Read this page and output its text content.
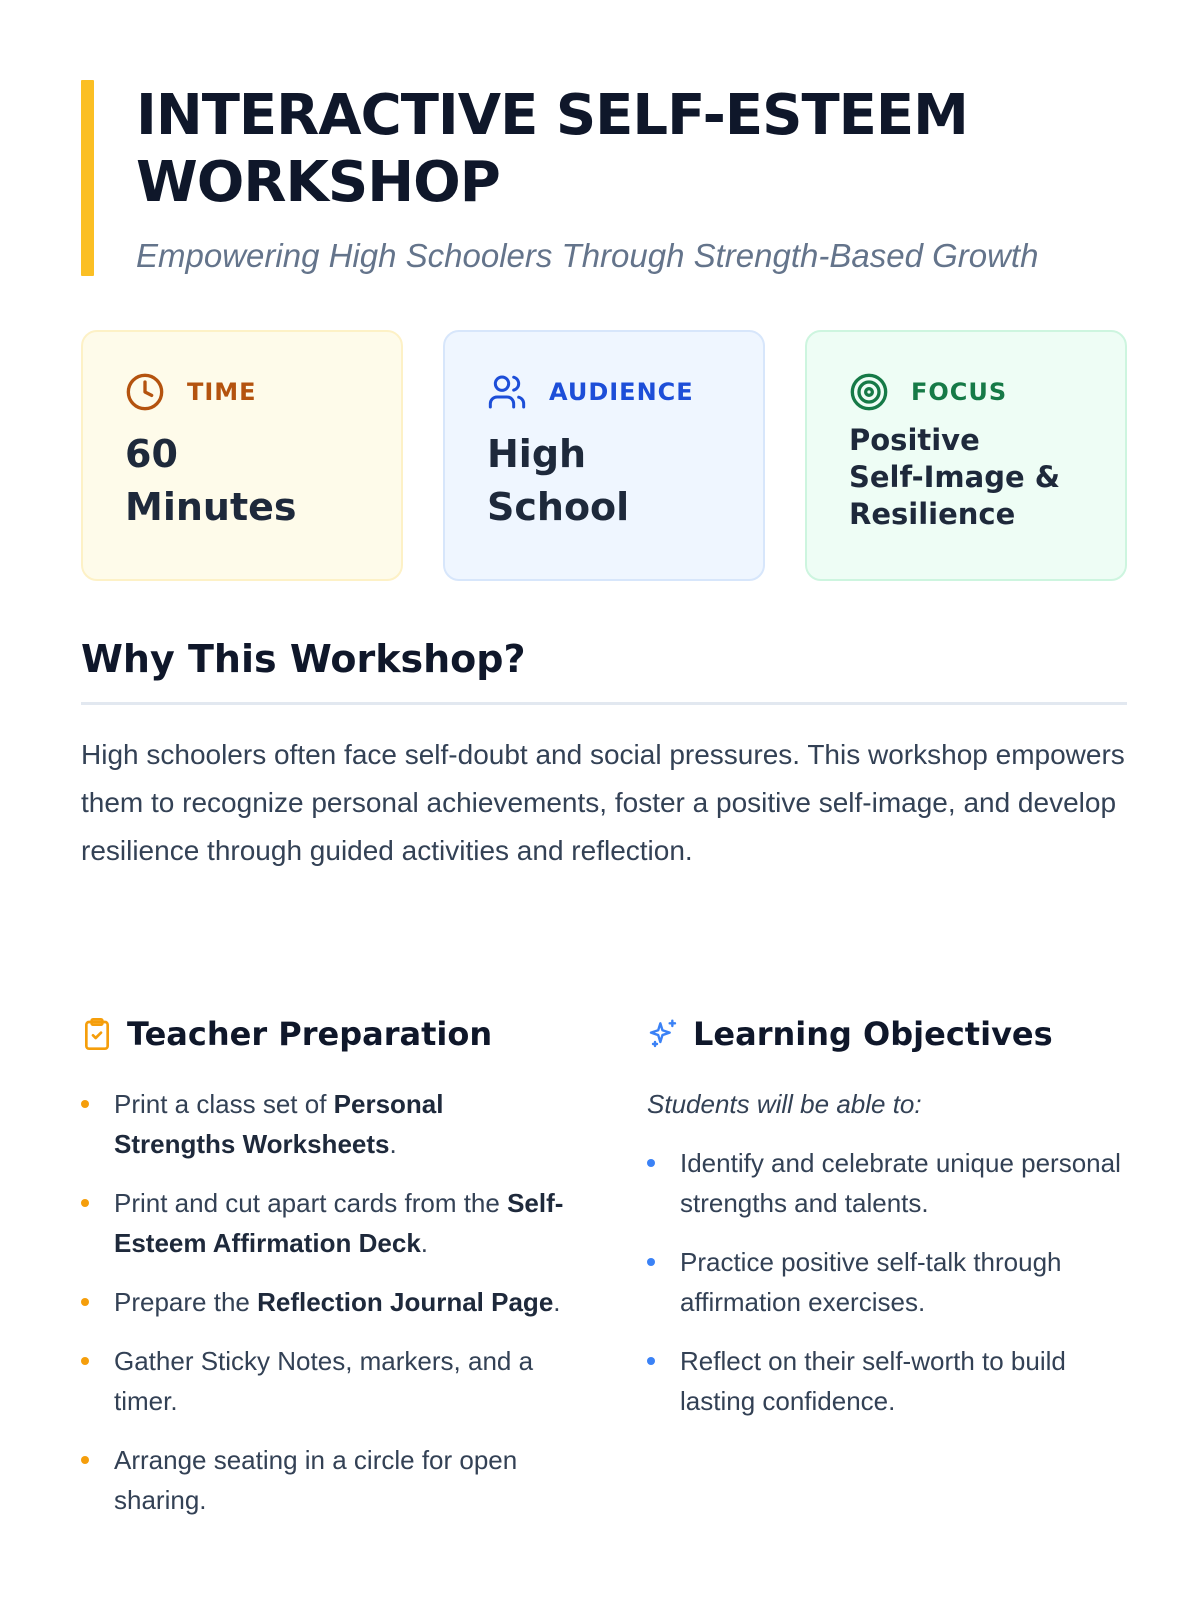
INTERACTIVE SELF-ESTEEM WORKSHOP

Empowering High Schoolers Through Strength-Based Growth

TIME
60 Minutes
AUDIENCE
High School
FOCUS
Positive Self-Image & Resilience
Why This Workshop?

High schoolers often face self-doubt and social pressures. This workshop empowers them to recognize personal achievements, foster a positive self-image, and develop resilience through guided activities and reflection.

Teacher Preparation
Print a class set of Personal Strengths Worksheets.
Print and cut apart cards from the Self-Esteem Affirmation Deck.
Prepare the Reflection Journal Page.
Gather Sticky Notes, markers, and a timer.
Arrange seating in a circle for open sharing.
Learning Objectives

Students will be able to:

Identify and celebrate unique personal strengths and talents.
Practice positive self-talk through affirmation exercises.
Reflect on their self-worth to build lasting confidence.
